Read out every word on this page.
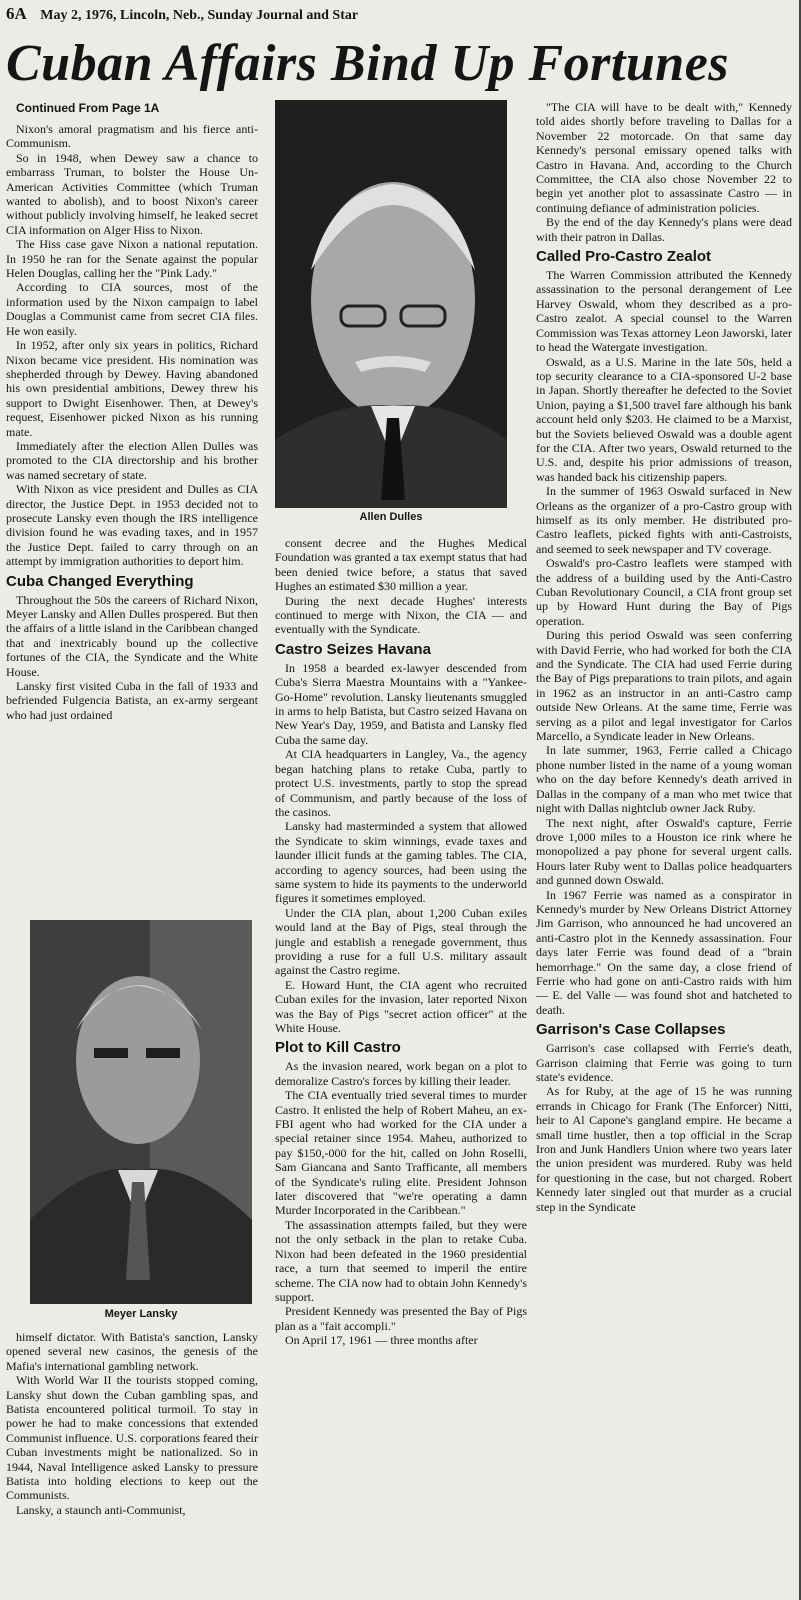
6A May 2, 1976, Lincoln, Neb., Sunday Journal and Star
Cuban Affairs Bind Up Fortunes
Continued From Page 1A

Nixon's amoral pragmatism and his fierce anti-Communism.

So in 1948, when Dewey saw a chance to embarrass Truman, to bolster the House Un-American Activities Committee (which Truman wanted to abolish), and to boost Nixon's career without publicly involving himself, he leaked secret CIA information on Alger Hiss to Nixon.

The Hiss case gave Nixon a national reputation. In 1950 he ran for the Senate against the popular Helen Douglas, calling her the "Pink Lady."

According to CIA sources, most of the information used by the Nixon campaign to label Douglas a Communist came from secret CIA files. He won easily.

In 1952, after only six years in politics, Richard Nixon became vice president. His nomination was shepherded through by Dewey. Having abandoned his own presidential ambitions, Dewey threw his support to Dwight Eisenhower. Then, at Dewey's request, Eisenhower picked Nixon as his running mate.

Immediately after the election Allen Dulles was promoted to the CIA directorship and his brother was named secretary of state.

With Nixon as vice president and Dulles as CIA director, the Justice Dept. in 1953 decided not to prosecute Lansky even though the IRS intelligence division found he was evading taxes, and in 1957 the Justice Dept. failed to carry through on an attempt by immigration authorities to deport him.

Cuba Changed Everything

Throughout the 50s the careers of Richard Nixon, Meyer Lansky and Allen Dulles prospered. But then the affairs of a little island in the Caribbean changed that and inextricably bound up the collective fortunes of the CIA, the Syndicate and the White House.

Lansky first visited Cuba in the fall of 1933 and befriended Fulgencia Batista, an ex-army sergeant who had just ordained

Meyer Lansky

himself dictator. With Batista's sanction, Lansky opened several new casinos, the genesis of the Mafia's international gambling network.

With World War II the tourists stopped coming, Lansky shut down the Cuban gambling spas, and Batista encountered political turmoil. To stay in power he had to make concessions that extended Communist influence. U.S. corporations feared their Cuban investments might be nationalized. So in 1944, Naval Intelligence asked Lansky to pressure Batista into holding elections to keep out the Communists.

Lansky, a staunch anti-Communist,

Allen Dulles

consent decree and the Hughes Medical Foundation was granted a tax exempt status that had been denied twice before, a status that saved Hughes an estimated $30 million a year.

During the next decade Hughes' interests continued to merge with Nixon, the CIA — and eventually with the Syndicate.

Castro Seizes Havana

In 1958 a bearded ex-lawyer descended from Cuba's Sierra Maestra Mountains with a "Yankee-Go-Home" revolution. Lansky lieutenants smuggled in arms to help Batista, but Castro seized Havana on New Year's Day, 1959, and Batista and Lansky fled Cuba the same day.

At CIA headquarters in Langley, Va., the agency began hatching plans to retake Cuba, partly to protect U.S. investments, partly to stop the spread of Communism, and partly because of the loss of the casinos.

Lansky had masterminded a system that allowed the Syndicate to skim winnings, evade taxes and launder illicit funds at the gaming tables. The CIA, according to agency sources, had been using the same system to hide its payments to the underworld figures it sometimes employed.

Under the CIA plan, about 1,200 Cuban exiles would land at the Bay of Pigs, steal through the jungle and establish a renegade government, thus providing a ruse for a full U.S. military assault against the Castro regime.

E. Howard Hunt, the CIA agent who recruited Cuban exiles for the invasion, later reported Nixon was the Bay of Pigs "secret action officer" at the White House.

Plot to Kill Castro

As the invasion neared, work began on a plot to demoralize Castro's forces by killing their leader.

The CIA eventually tried several times to murder Castro. It enlisted the help of Robert Maheu, an ex-FBI agent who had worked for the CIA under a special retainer since 1954. Maheu, authorized to pay $150,-000 for the hit, called on John Roselli, Sam Giancana and Santo Trafficante, all members of the Syndicate's ruling elite. President Johnson later discovered that "we're operating a damn Murder Incorporated in the Caribbean."

The assassination attempts failed, but they were not the only setback in the plan to retake Cuba. Nixon had been defeated in the 1960 presidential race, a turn that seemed to imperil the entire scheme. The CIA now had to obtain John Kennedy's support.

President Kennedy was presented the Bay of Pigs plan as a "fait accompli."

On April 17, 1961 — three months after

"The CIA will have to be dealt with," Kennedy told aides shortly before traveling to Dallas for a November 22 motorcade. On that same day Kennedy's personal emissary opened talks with Castro in Havana. And, according to the Church Committee, the CIA also chose November 22 to begin yet another plot to assassinate Castro — in continuing defiance of administration policies.

By the end of the day Kennedy's plans were dead with their patron in Dallas.

Called Pro-Castro Zealot

The Warren Commission attributed the Kennedy assassination to the personal derangement of Lee Harvey Oswald, whom they described as a pro-Castro zealot. A special counsel to the Warren Commission was Texas attorney Leon Jaworski, later to head the Watergate investigation.

Oswald, as a U.S. Marine in the late 50s, held a top security clearance to a CIA-sponsored U-2 base in Japan. Shortly thereafter he defected to the Soviet Union, paying a $1,500 travel fare although his bank account held only $203. He claimed to be a Marxist, but the Soviets believed Oswald was a double agent for the CIA. After two years, Oswald returned to the U.S. and, despite his prior admissions of treason, was handed back his citizenship papers.

In the summer of 1963 Oswald surfaced in New Orleans as the organizer of a pro-Castro group with himself as its only member. He distributed pro-Castro leaflets, picked fights with anti-Castroists, and seemed to seek newspaper and TV coverage.

Oswald's pro-Castro leaflets were stamped with the address of a building used by the Anti-Castro Cuban Revolutionary Council, a CIA front group set up by Howard Hunt during the Bay of Pigs operation.

During this period Oswald was seen conferring with David Ferrie, who had worked for both the CIA and the Syndicate. The CIA had used Ferrie during the Bay of Pigs preparations to train pilots, and again in 1962 as an instructor in an anti-Castro camp outside New Orleans. At the same time, Ferrie was serving as a pilot and legal investigator for Carlos Marcello, a Syndicate leader in New Orleans.

In late summer, 1963, Ferrie called a Chicago phone number listed in the name of a young woman who on the day before Kennedy's death arrived in Dallas in the company of a man who met twice that night with Dallas nightclub owner Jack Ruby.

The next night, after Oswald's capture, Ferrie drove 1,000 miles to a Houston ice rink where he monopolized a pay phone for several urgent calls. Hours later Ruby went to Dallas police headquarters and gunned down Oswald.

In 1967 Ferrie was named as a conspirator in Kennedy's murder by New Orleans District Attorney Jim Garrison, who announced he had uncovered an anti-Castro plot in the Kennedy assassination. Four days later Ferrie was found dead of a "brain hemorrhage." On the same day, a close friend of Ferrie who had gone on anti-Castro raids with him — E. del Valle — was found shot and hatcheted to death.

Garrison's Case Collapses

Garrison's case collapsed with Ferrie's death, Garrison claiming that Ferrie was going to turn state's evidence.

As for Ruby, at the age of 15 he was running errands in Chicago for Frank (The Enforcer) Nitti, heir to Al Capone's gangland empire. He became a small time hustler, then a top official in the Scrap Iron and Junk Handlers Union where two years later the union president was murdered. Ruby was held for questioning in the case, but not charged. Robert Kennedy later singled out that murder as a crucial step in the Syndicate
